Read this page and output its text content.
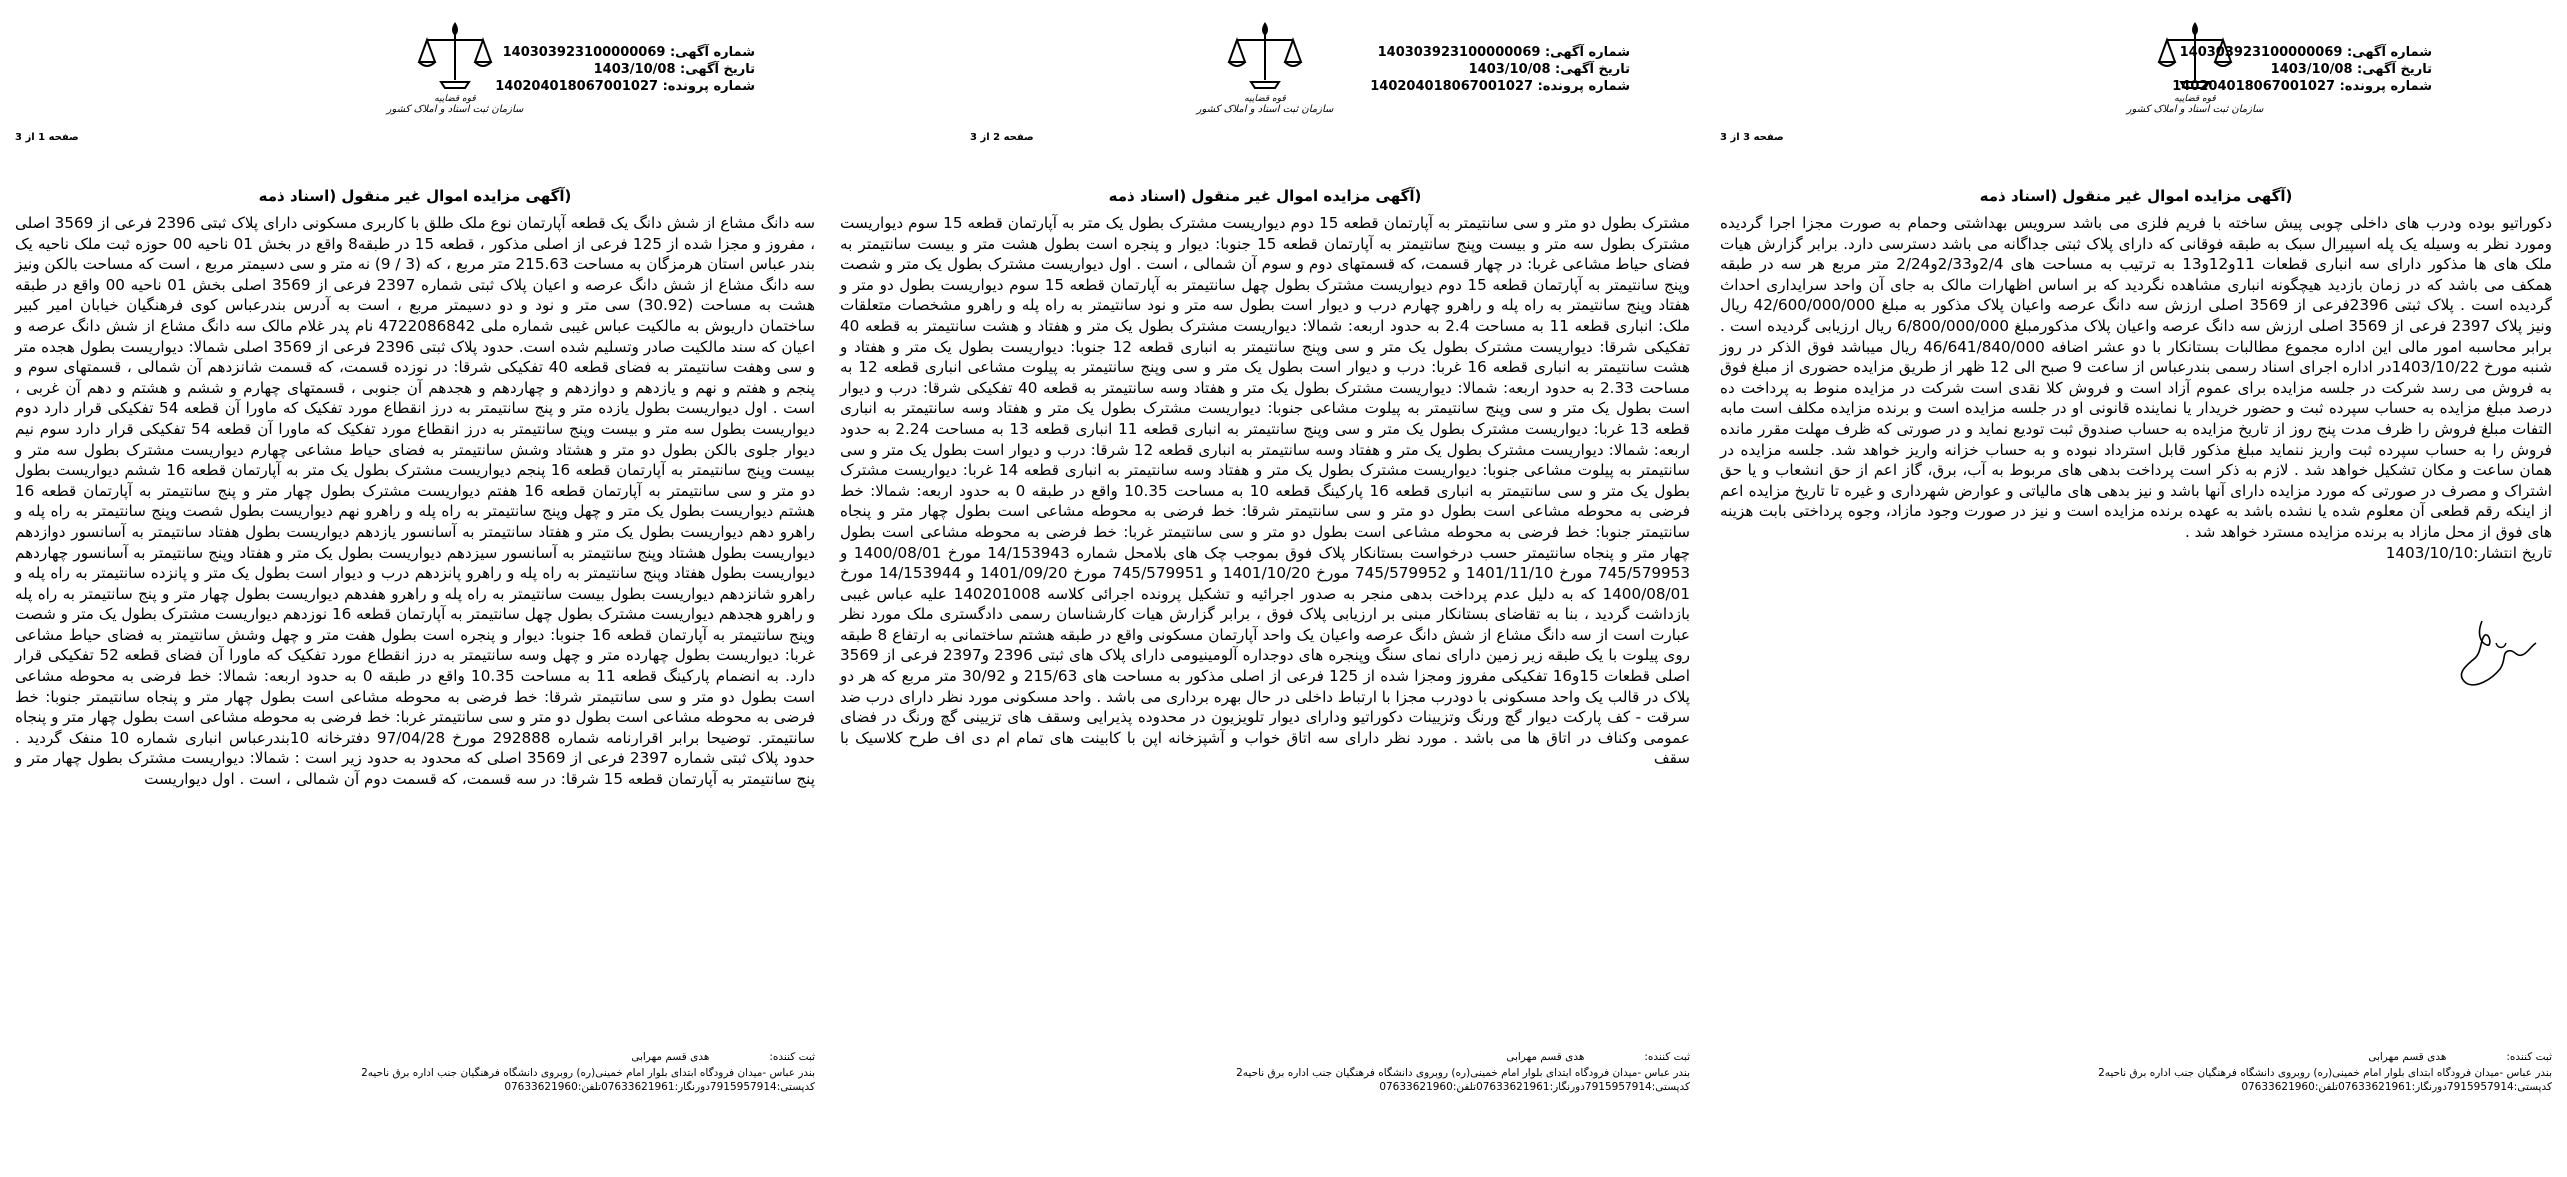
شماره آگهی: 140303923100000069
تاریخ آگهی: 1403/10/08
شماره پرونده: 140204018067001027
قوه قضاییه
سازمان ثبت اسناد و املاک کشور
صفحه 3 از 3
(آگهی مزایده اموال غیر منقول (اسناد ذمه
دکوراتیو بوده ودرب های داخلی چوبی پیش ساخته با فریم فلزی می باشد سرویس بهداشتی وحمام به صورت مجزا اجرا گردیده ومورد نظر به وسیله یک پله اسپیرال سبک به طبقه فوقانی که دارای پلاک ثبتی جداگانه می باشد دسترسی دارد. برابر گزارش هیات ملک های ها مذکور دارای سه انباری قطعات 11و12و13 به ترتیب به مساحت های 2/4و2/33و2/24 متر مربع هر سه در طبقه همکف می باشد که در زمان بازدید هیچگونه انباری مشاهده نگردید که بر اساس اظهارات مالک به جای آن واحد سرایداری احداث گردیده است . پلاک ثبتی 2396فرعی از 3569 اصلی ارزش سه دانگ عرصه واعیان پلاک مذکور به مبلغ 42/600/000/000 ریال ونیز پلاک 2397 فرعی از 3569 اصلی ارزش سه دانگ عرصه واعیان پلاک مذکورمبلغ 6/800/000/000 ریال ارزیابی گردیده است . برابر محاسبه امور مالی این اداره مجموع مطالبات بستانکار با دو عشر اضافه 46/641/840/000 ریال میباشد فوق الذکر در روز شنبه مورخ 1403/10/22در اداره اجرای اسناد رسمی بندرعباس از ساعت 9 صبح الی 12 ظهر از طریق مزایده حضوری از مبلغ فوق به فروش می رسد شرکت در جلسه مزایده برای عموم آزاد است و فروش کلا نقدی است شرکت در مزایده منوط به پرداخت ده درصد مبلغ مزایده به حساب سپرده ثبت و حضور خریدار یا نماینده قانونی او در جلسه مزایده است و برنده مزایده مکلف است مابه التفات مبلغ فروش را ظرف مدت پنج روز از تاریخ مزایده به حساب صندوق ثبت تودیع نماید و در صورتی که ظرف مهلت مقرر مانده فروش را به حساب سپرده ثبت واریز ننماید مبلغ مذکور قابل استرداد نبوده و به حساب خزانه واریز خواهد شد. جلسه مزایده در همان ساعت و مکان تشکیل خواهد شد . لازم به ذکر است پرداخت بدهی های مربوط به آب، برق، گاز اعم از حق انشعاب و یا حق اشتراک و مصرف در صورتی که مورد مزایده دارای آنها باشد و نیز بدهی های مالیاتی و عوارض شهرداری و غیره تا تاریخ مزایده اعم از اینکه رقم قطعی آن معلوم شده یا نشده باشد به عهده برنده مزایده است و نیز در صورت وجود مازاد، وجوه پرداختی بابت هزینه های فوق از محل مازاد به برنده مزایده مسترد خواهد شد .
تاریخ انتشار:1403/10/10
ثبت کننده:هدی قسم مهرابی
بندر عباس -میدان فرودگاه ابتدای بلوار امام خمینی(ره) روبروی دانشگاه فرهنگیان جنب اداره برق ناحیه2
کدپستی:7915957914دورنگار:07633621961تلفن:07633621960
شماره آگهی: 140303923100000069
تاریخ آگهی: 1403/10/08
شماره پرونده: 140204018067001027
قوه قضاییه
سازمان ثبت اسناد و املاک کشور
صفحه 2 از 3
(آگهی مزایده اموال غیر منقول (اسناد ذمه
مشترک بطول دو متر و سی سانتیمتر به آپارتمان قطعه 15 دوم دیواریست مشترک بطول یک متر به آپارتمان قطعه 15 سوم دیواریست مشترک بطول سه متر و بیست وپنج سانتیمتر به آپارتمان قطعه 15 جنوبا: دیوار و پنجره است بطول هشت متر و بیست سانتیمتر به فضای حیاط مشاعی غربا: در چهار قسمت، که قسمتهای دوم و سوم آن شمالی ، است . اول دیواریست مشترک بطول یک متر و شصت وپنج سانتیمتر به آپارتمان قطعه 15 دوم دیواریست مشترک بطول چهل سانتیمتر به آپارتمان قطعه 15 سوم دیواریست بطول دو متر و هفتاد وپنج سانتیمتر به راه پله و راهرو چهارم درب و دیوار است بطول سه متر و نود سانتیمتر به راه پله و راهرو مشخصات متعلقات ملک: انباری قطعه 11 به مساحت 2.4 به حدود اربعه: شمالا: دیواریست مشترک بطول یک متر و هفتاد و هشت سانتیمتر به قطعه 40 تفکیکی شرقا: دیواریست مشترک بطول یک متر و سی وپنج سانتیمتر به انباری قطعه 12 جنوبا: دیواریست بطول یک متر و هفتاد و هشت سانتیمتر به انباری قطعه 16 غربا: درب و دیوار است بطول یک متر و سی وپنج سانتیمتر به پیلوت مشاعی انباری قطعه 12 به مساحت 2.33 به حدود اربعه: شمالا: دیواریست مشترک بطول یک متر و هفتاد وسه سانتیمتر به قطعه 40 تفکیکی شرقا: درب و دیوار است بطول یک متر و سی وپنج سانتیمتر به پیلوت مشاعی جنوبا: دیواریست مشترک بطول یک متر و هفتاد وسه سانتیمتر به انباری قطعه 13 غربا: دیواریست مشترک بطول یک متر و سی وپنج سانتیمتر به انباری قطعه 11 انباری قطعه 13 به مساحت 2.24 به حدود اربعه: شمالا: دیواریست مشترک بطول یک متر و هفتاد وسه سانتیمتر به انباری قطعه 12 شرقا: درب و دیوار است بطول یک متر و سی سانتیمتر به پیلوت مشاعی جنوبا: دیواریست مشترک بطول یک متر و هفتاد وسه سانتیمتر به انباری قطعه 14 غربا: دیواریست مشترک بطول یک متر و سی سانتیمتر به انباری قطعه 16 پارکینگ قطعه 10 به مساحت 10.35 واقع در طبقه 0 به حدود اربعه: شمالا: خط فرضی به محوطه مشاعی است بطول دو متر و سی سانتیمتر شرقا: خط فرضی به محوطه مشاعی است بطول چهار متر و پنجاه سانتیمتر جنوبا: خط فرضی به محوطه مشاعی است بطول دو متر و سی سانتیمتر غربا: خط فرضی به محوطه مشاعی است بطول چهار متر و پنجاه سانتیمتر حسب درخواست بستانکار پلاک فوق بموجب چک های بلامحل شماره 14/153943 مورخ 1400/08/01 و 745/579953 مورخ 1401/11/10 و 745/579952 مورخ 1401/10/20 و 745/579951 مورخ 1401/09/20 و 14/153944 مورخ 1400/08/01 که به دلیل عدم پرداخت بدهی منجر به صدور اجرائیه و تشکیل پرونده اجرائی کلاسه 140201008 علیه عباس غیبی بازداشت گردید ، بنا به تقاضای بستانکار مبنی بر ارزیابی پلاک فوق ، برابر گزارش هیات کارشناسان رسمی دادگستری ملک مورد نظر عبارت است از سه دانگ مشاع از شش دانگ عرصه واعیان یک واحد آپارتمان مسکونی واقع در طبقه هشتم ساختمانی به ارتفاع 8 طبقه روی پیلوت با یک طبقه زیر زمین دارای نمای سنگ وپنجره های دوجداره آلومینیومی دارای پلاک های ثبتی 2396 و2397 فرعی از 3569 اصلی قطعات 15و16 تفکیکی مفروز ومجزا شده از 125 فرعی از اصلی مذکور به مساحت های 215/63 و 30/92 متر مربع که هر دو پلاک در قالب یک واحد مسکونی با دودرب مجزا با ارتباط داخلی در حال بهره برداری می باشد . واحد مسکونی مورد نظر دارای درب ضد سرقت - کف پارکت دیوار گچ ورنگ وتزیینات دکوراتیو ودارای دیوار تلویزیون در محدوده پذیرایی وسقف های تزیینی گچ ورنگ در فضای عمومی وکناف در اتاق ها می باشد . مورد نظر دارای سه اتاق خواب و آشپزخانه اپن با کابینت های تمام ام دی اف طرح کلاسیک با سقف
ثبت کننده:هدی قسم مهرابی
بندر عباس -میدان فرودگاه ابتدای بلوار امام خمینی(ره) روبروی دانشگاه فرهنگیان جنب اداره برق ناحیه2
کدپستی:7915957914دورنگار:07633621961تلفن:07633621960
شماره آگهی: 140303923100000069
تاریخ آگهی: 1403/10/08
شماره پرونده: 140204018067001027
قوه قضاییه
سازمان ثبت اسناد و املاک کشور
صفحه 1 از 3
(آگهی مزایده اموال غیر منقول (اسناد ذمه
سه دانگ مشاع از شش دانگ یک قطعه آپارتمان نوع ملک طلق با کاربری مسکونی دارای پلاک ثبتی 2396 فرعی از 3569 اصلی ، مفروز و مجزا شده از 125 فرعی از اصلی مذکور ، قطعه 15 در طبقه8 واقع در بخش 01 ناحیه 00 حوزه ثبت ملک ناحیه یک بندر عباس استان هرمزگان به مساحت 215.63 متر مربع ، که (3 / 9) نه متر و سی دسیمتر مربع ، است که مساحت بالکن ونیز سه دانگ مشاع از شش دانگ عرصه و اعیان پلاک ثبتی شماره 2397 فرعی از 3569 اصلی بخش 01 ناحیه 00 واقع در طبقه هشت به مساحت (30.92) سی متر و نود و دو دسیمتر مربع ، است به آدرس بندرعباس کوی فرهنگیان خیابان امیر کبیر ساختمان داریوش به مالکیت عباس غیبی شماره ملی 4722086842 نام پدر غلام مالک سه دانگ مشاع از شش دانگ عرصه و اعیان که سند مالکیت صادر وتسلیم شده است. حدود پلاک ثبتی 2396 فرعی از 3569 اصلی شمالا: دیواریست بطول هجده متر و سی وهفت سانتیمتر به فضای قطعه 40 تفکیکی شرقا: در نوزده قسمت، که قسمت شانزدهم آن شمالی ، قسمتهای سوم و پنجم و هفتم و نهم و یازدهم و دوازدهم و چهاردهم و هجدهم آن جنوبی ، قسمتهای چهارم و ششم و هشتم و دهم آن غربی ، است . اول دیواریست بطول یازده متر و پنج سانتیمتر به درز انقطاع مورد تفکیک که ماورا آن قطعه 54 تفکیکی قرار دارد دوم دیواریست بطول سه متر و بیست وپنج سانتیمتر به درز انقطاع مورد تفکیک که ماورا آن قطعه 54 تفکیکی قرار دارد سوم نیم دیوار جلوی بالکن بطول دو متر و هشتاد وشش سانتیمتر به فضای حیاط مشاعی چهارم دیواریست مشترک بطول سه متر و بیست وپنج سانتیمتر به آپارتمان قطعه 16 پنجم دیواریست مشترک بطول یک متر به آپارتمان قطعه 16 ششم دیواریست بطول دو متر و سی سانتیمتر به آپارتمان قطعه 16 هفتم دیواریست مشترک بطول چهار متر و پنج سانتیمتر به آپارتمان قطعه 16 هشتم دیواریست بطول یک متر و چهل وپنج سانتیمتر به راه پله و راهرو نهم دیواریست بطول شصت وپنج سانتیمتر به راه پله و راهرو دهم دیواریست بطول یک متر و هفتاد سانتیمتر به آسانسور یازدهم دیواریست بطول هفتاد سانتیمتر به آسانسور دوازدهم دیواریست بطول هشتاد وپنج سانتیمتر به آسانسور سیزدهم دیواریست بطول یک متر و هفتاد وپنج سانتیمتر به آسانسور چهاردهم دیواریست بطول هفتاد وپنج سانتیمتر به راه پله و راهرو پانزدهم درب و دیوار است بطول یک متر و پانزده سانتیمتر به راه پله و راهرو شانزدهم دیواریست بطول بیست سانتیمتر به راه پله و راهرو هفدهم دیواریست بطول چهار متر و پنج سانتیمتر به راه پله و راهرو هجدهم دیواریست مشترک بطول چهل سانتیمتر به آپارتمان قطعه 16 نوزدهم دیواریست مشترک بطول یک متر و شصت وپنج سانتیمتر به آپارتمان قطعه 16 جنوبا: دیوار و پنجره است بطول هفت متر و چهل وشش سانتیمتر به فضای حیاط مشاعی غربا: دیواریست بطول چهارده متر و چهل وسه سانتیمتر به درز انقطاع مورد تفکیک که ماورا آن فضای قطعه 52 تفکیکی قرار دارد. به انضمام پارکینگ قطعه 11 به مساحت 10.35 واقع در طبقه 0 به حدود اربعه: شمالا: خط فرضی به محوطه مشاعی است بطول دو متر و سی سانتیمتر شرقا: خط فرضی به محوطه مشاعی است بطول چهار متر و پنجاه سانتیمتر جنوبا: خط فرضی به محوطه مشاعی است بطول دو متر و سی سانتیمتر غربا: خط فرضی به محوطه مشاعی است بطول چهار متر و پنجاه سانتیمتر. توضیحا برابر اقرارنامه شماره 292888 مورخ 97/04/28 دفترخانه 10بندرعباس انباری شماره 10 منفک گردید . حدود پلاک ثبتی شماره 2397 فرعی از 3569 اصلی که محدود به حدود زیر است : شمالا: دیواریست مشترک بطول چهار متر و پنج سانتیمتر به آپارتمان قطعه 15 شرقا: در سه قسمت، که قسمت دوم آن شمالی ، است . اول دیواریست
ثبت کننده:هدی قسم مهرابی
بندر عباس -میدان فرودگاه ابتدای بلوار امام خمینی(ره) روبروی دانشگاه فرهنگیان جنب اداره برق ناحیه2
کدپستی:7915957914دورنگار:07633621961تلفن:07633621960
